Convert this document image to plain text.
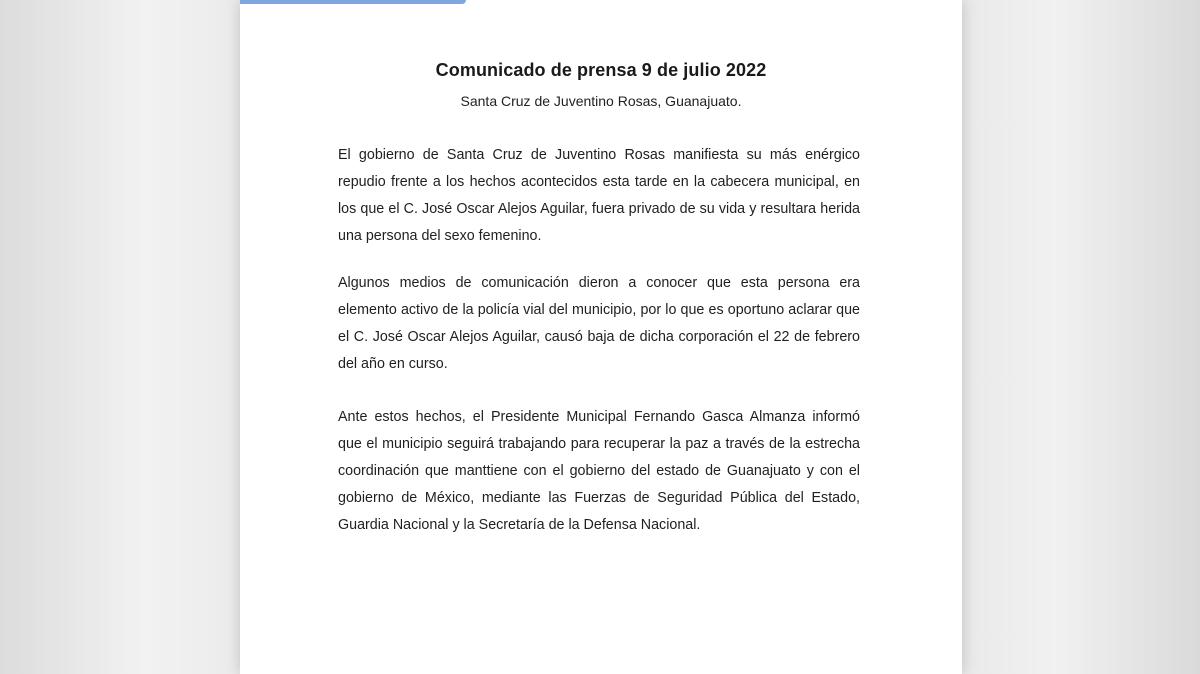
Comunicado de prensa 9 de julio 2022
Santa Cruz de Juventino Rosas, Guanajuato.

El gobierno de Santa Cruz de Juventino Rosas manifiesta su más enérgico repudio frente a los hechos acontecidos esta tarde en la cabecera municipal, en los que el C. José Oscar Alejos Aguilar, fuera privado de su vida y resultara herida una persona del sexo femenino.

Algunos medios de comunicación dieron a conocer que esta persona era elemento activo de la policía vial del municipio, por lo que es oportuno aclarar que el C. José Oscar Alejos Aguilar, causó baja de dicha corporación el 22 de febrero del año en curso.

Ante estos hechos, el Presidente Municipal Fernando Gasca Almanza informó que el municipio seguirá trabajando para recuperar la paz a través de la estrecha coordinación que manttiene con el gobierno del estado de Guanajuato y con el gobierno de México, mediante las Fuerzas de Seguridad Pública del Estado, Guardia Nacional y la Secretaría de la Defensa Nacional.
